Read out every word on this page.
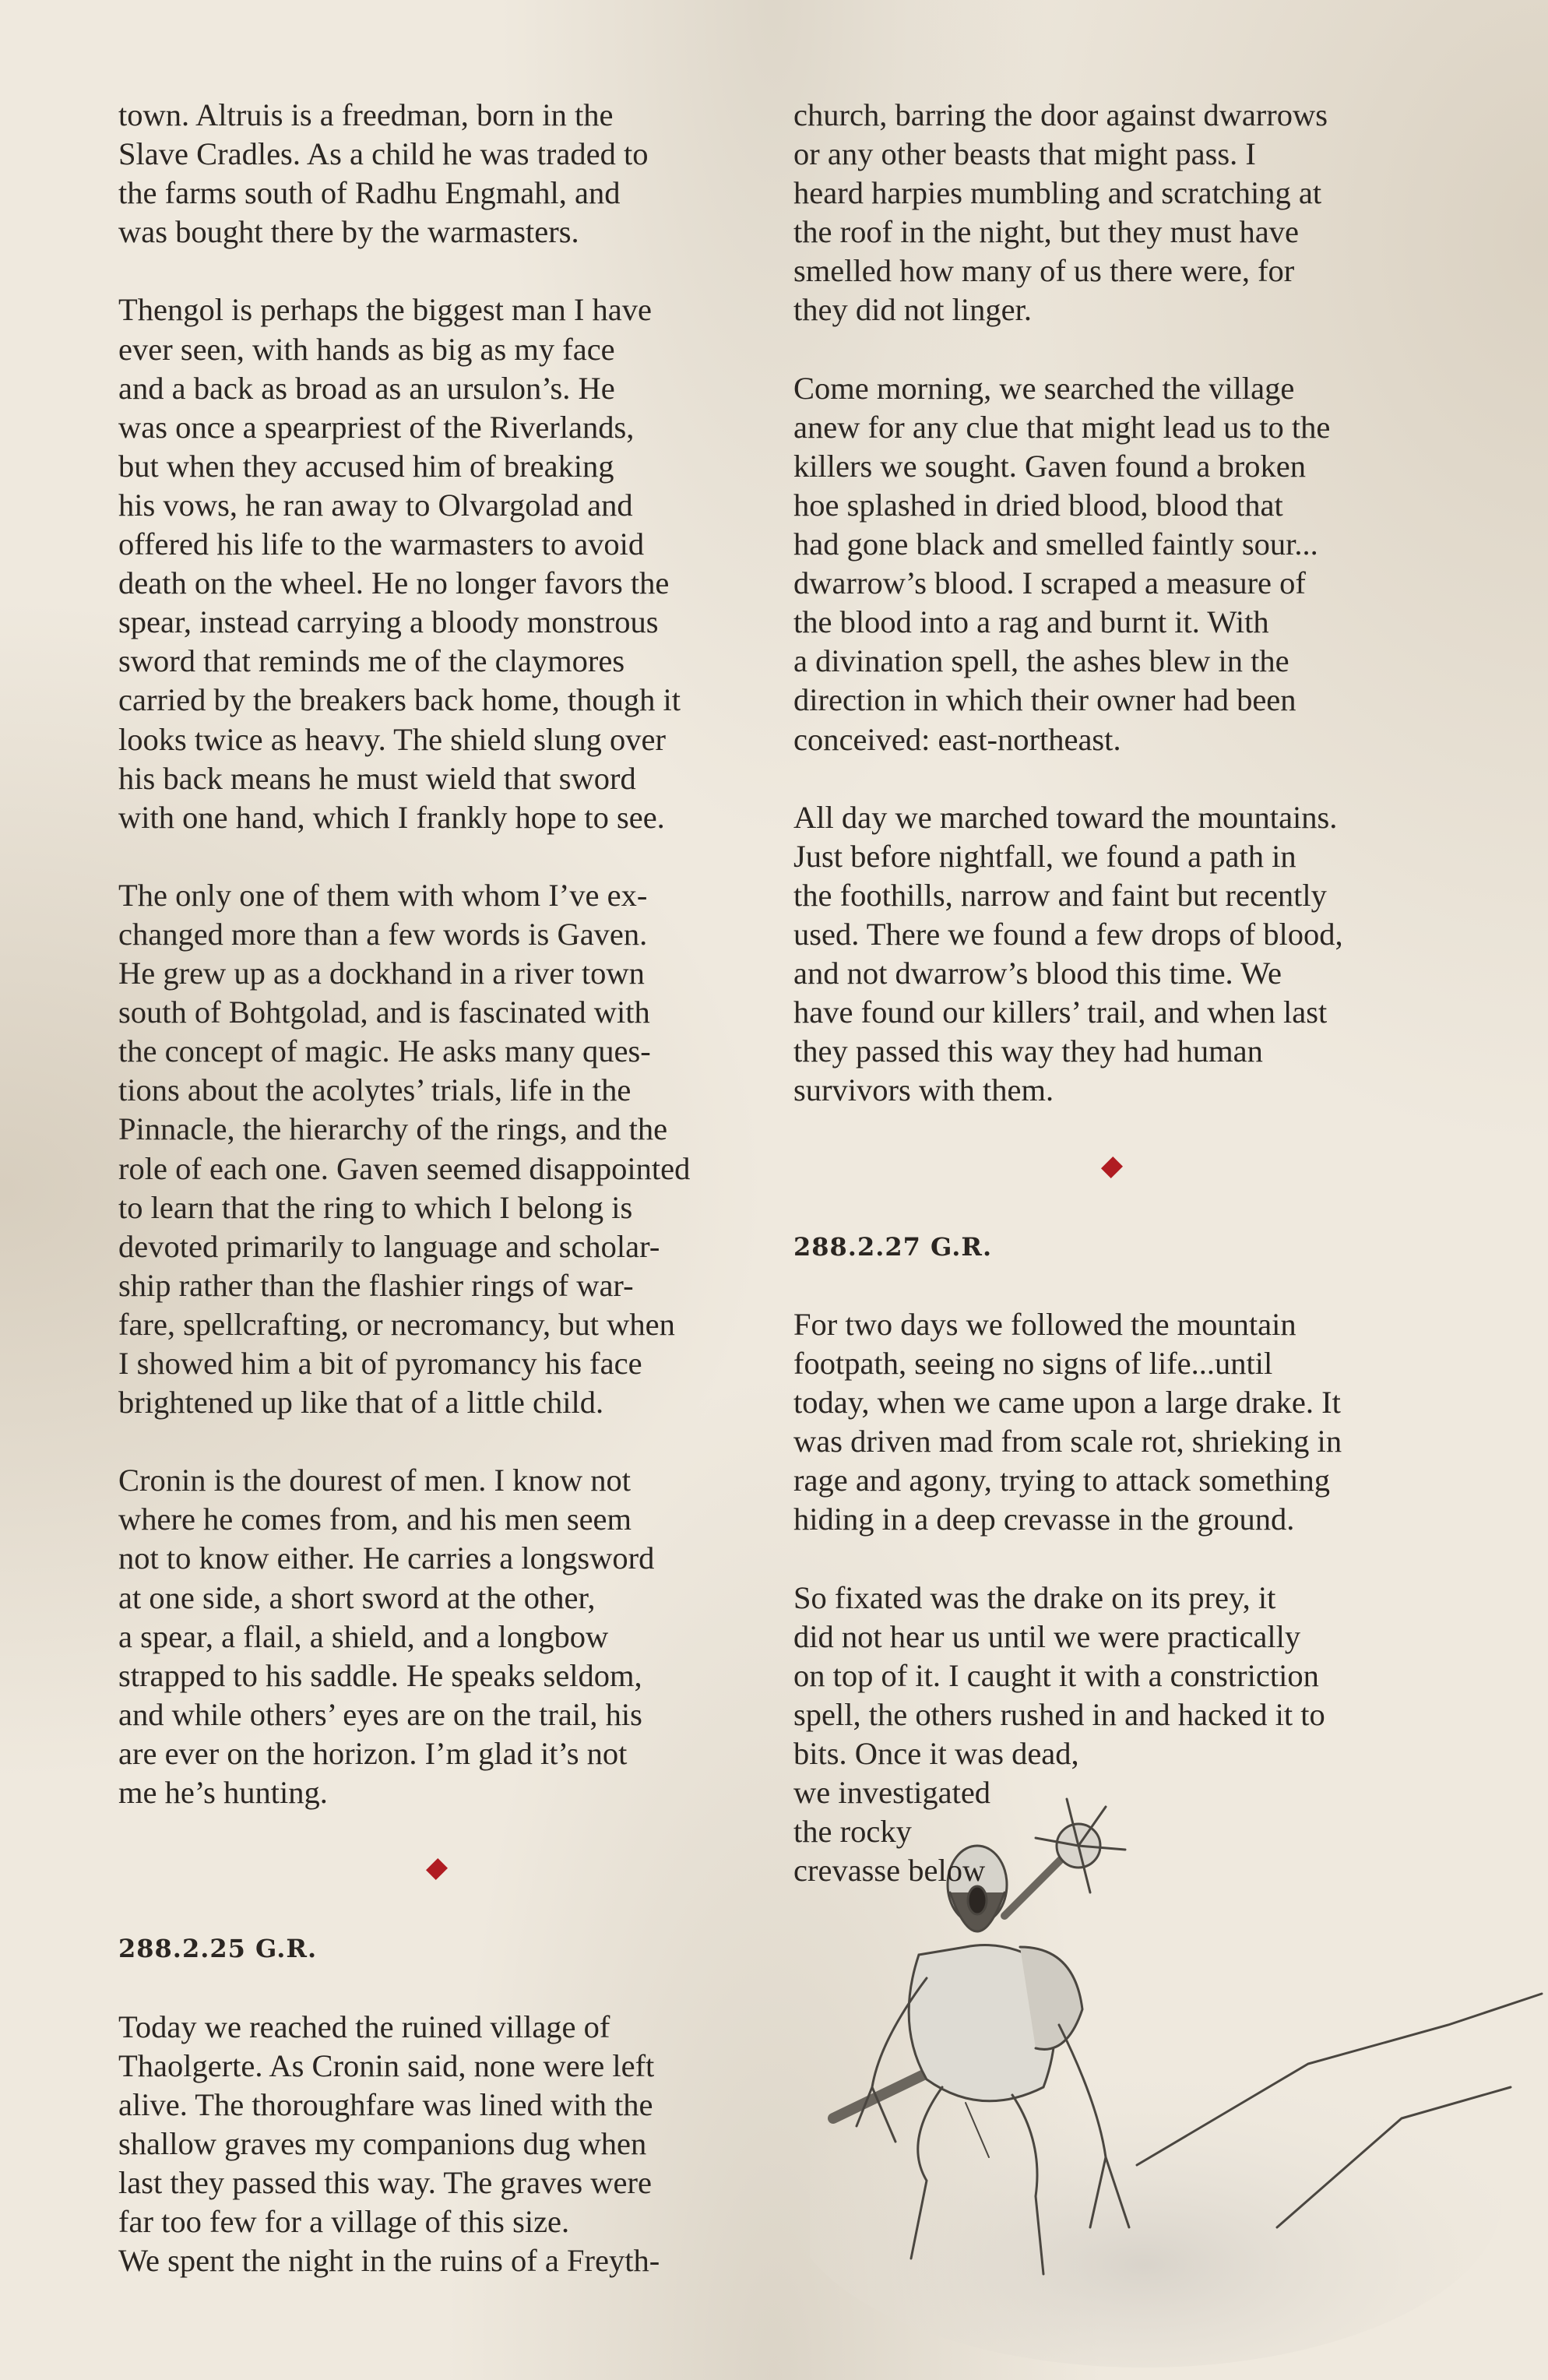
town. Altruis is a freedman, born in the
Slave Cradles. As a child he was traded to
the farms south of Radhu Engmahl, and
was bought there by the warmasters.
Thengol is perhaps the biggest man I have
ever seen, with hands as big as my face
and a back as broad as an ursulon’s. He
was once a spearpriest of the Riverlands,
but when they accused him of breaking
his vows, he ran away to Olvargolad and
offered his life to the warmasters to avoid
death on the wheel. He no longer favors the
spear, instead carrying a bloody monstrous
sword that reminds me of the claymores
carried by the breakers back home, though it
looks twice as heavy. The shield slung over
his back means he must wield that sword
with one hand, which I frankly hope to see.
The only one of them with whom I’ve ex-
changed more than a few words is Gaven.
He grew up as a dockhand in a river town
south of Bohtgolad, and is fascinated with
the concept of magic. He asks many ques-
tions about the acolytes’ trials, life in the
Pinnacle, the hierarchy of the rings, and the
role of each one. Gaven seemed disappointed
to learn that the ring to which I belong is
devoted primarily to language and scholar-
ship rather than the flashier rings of war-
fare, spellcrafting, or necromancy, but when
I showed him a bit of pyromancy his face
brightened up like that of a little child.
Cronin is the dourest of men. I know not
where he comes from, and his men seem
not to know either. He carries a longsword
at one side, a short sword at the other,
a spear, a flail, a shield, and a longbow
strapped to his saddle. He speaks seldom,
and while others’ eyes are on the trail, his
are ever on the horizon. I’m glad it’s not
me he’s hunting.
288.2.25 G.R.
Today we reached the ruined village of
Thaolgerte. As Cronin said, none were left
alive. The thoroughfare was lined with the
shallow graves my companions dug when
last they passed this way. The graves were
far too few for a village of this size.
We spent the night in the ruins of a Freyth-
church, barring the door against dwarrows
or any other beasts that might pass. I
heard harpies mumbling and scratching at
the roof in the night, but they must have
smelled how many of us there were, for
they did not linger.
Come morning, we searched the village
anew for any clue that might lead us to the
killers we sought. Gaven found a broken
hoe splashed in dried blood, blood that
had gone black and smelled faintly sour...
dwarrow’s blood. I scraped a measure of
the blood into a rag and burnt it. With
a divination spell, the ashes blew in the
direction in which their owner had been
conceived: east-northeast.
All day we marched toward the mountains.
Just before nightfall, we found a path in
the foothills, narrow and faint but recently
used. There we found a few drops of blood,
and not dwarrow’s blood this time. We
have found our killers’ trail, and when last
they passed this way they had human
survivors with them.
288.2.27 G.R.
For two days we followed the mountain
footpath, seeing no signs of life...until
today, when we came upon a large drake. It
was driven mad from scale rot, shrieking in
rage and agony, trying to attack something
hiding in a deep crevasse in the ground.
So fixated was the drake on its prey, it
did not hear us until we were practically
on top of it. I caught it with a constriction
spell, the others rushed in and hacked it to
bits. Once it was dead,
we investigated
the rocky
crevasse below
